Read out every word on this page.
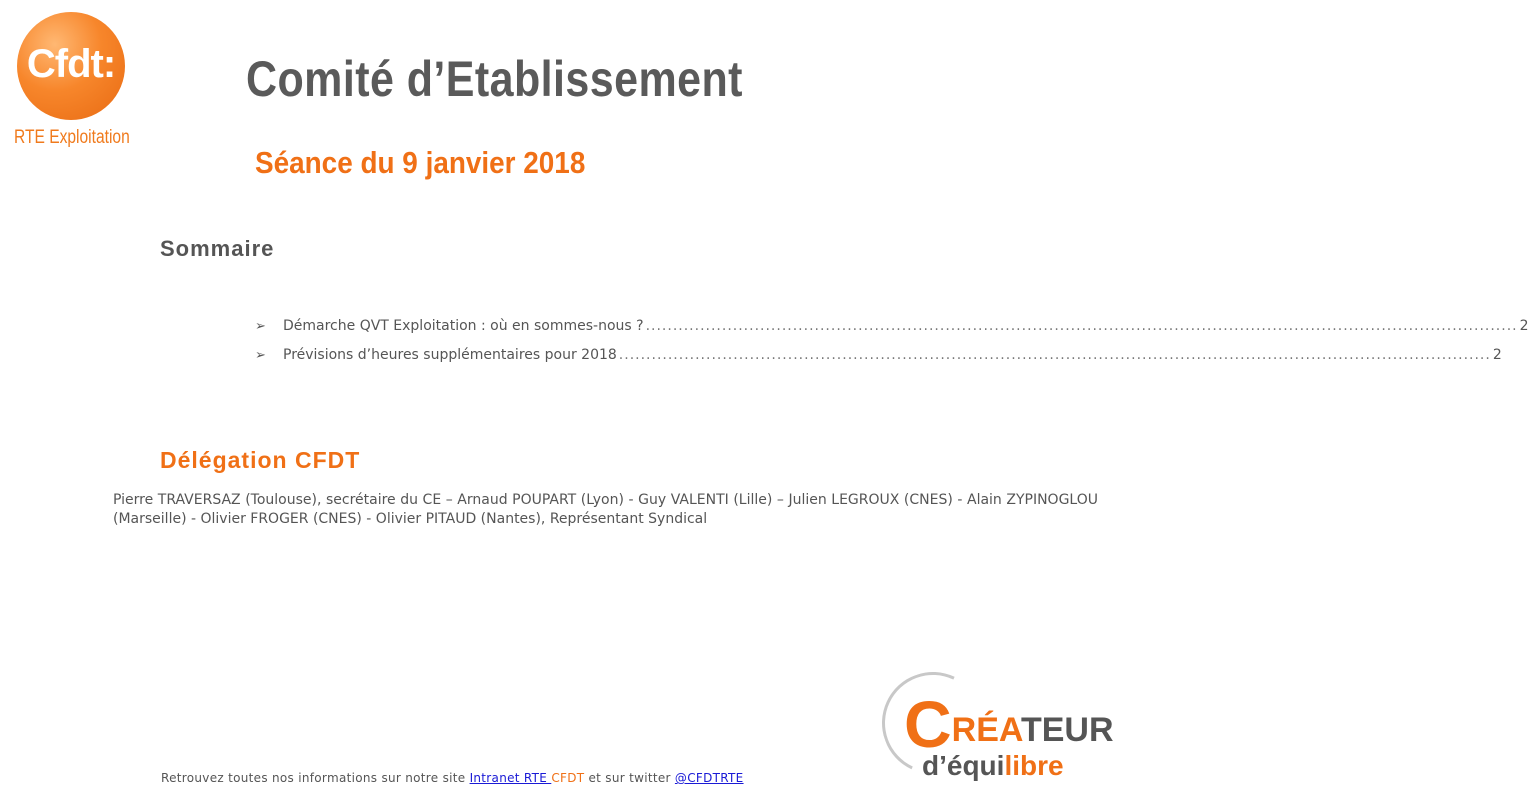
Cfdt:
RTE Exploitation
Comité d’Etablissement
Séance du 9 janvier 2018
Sommaire
➢	Démarche QVT Exploitation : où en sommes-nous ? ................................................................................................................................................................ 2
➢	Prévisions d’heures supplémentaires pour 2018 ................................................................................................................................................................ 2
Délégation CFDT

Pierre TRAVERSAZ (Toulouse), secrétaire du CE – Arnaud POUPART (Lyon) - Guy VALENTI (Lille) – Julien LEGROUX (CNES) - Alain ZYPINOGLOU (Marseille) - Olivier FROGER (CNES) - Olivier PITAUD (Nantes), Représentant Syndical

Retrouvez toutes nos informations sur notre site Intranet RTE CFDT et sur twitter @CFDTRTE

CRÉATEUR
d’équilibre
